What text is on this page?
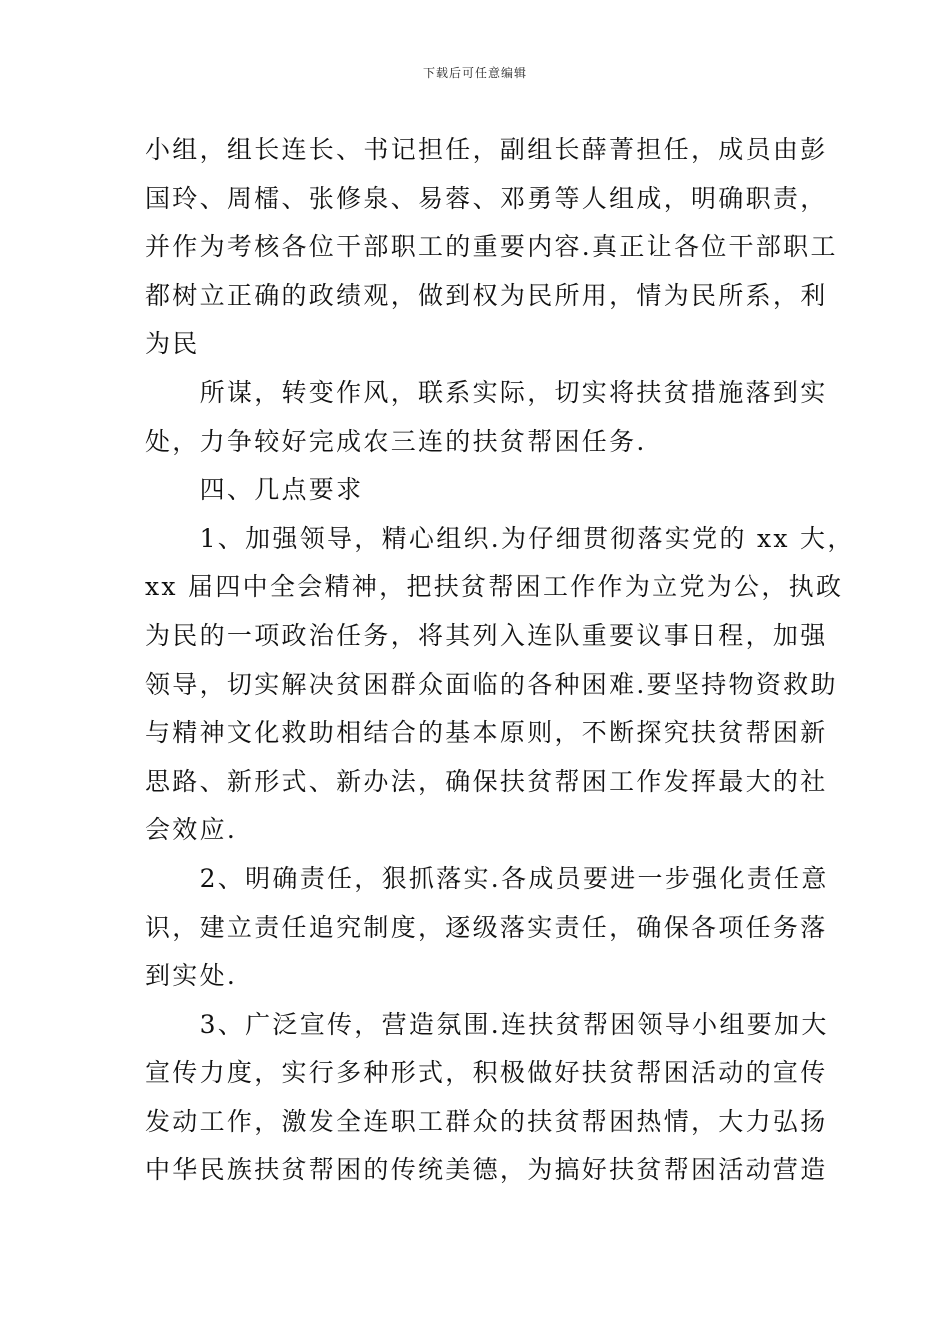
下载后可任意编辑

小组，组长连长、书记担任，副组长薛菁担任，成员由彭

国玲、周檑、张修泉、易蓉、邓勇等人组成，明确职责，

并作为考核各位干部职工的重要内容.真正让各位干部职工

都树立正确的政绩观，做到权为民所用，情为民所系，利

为民

　　所谋，转变作风，联系实际，切实将扶贫措施落到实

处，力争较好完成农三连的扶贫帮困任务.

　　四、几点要求

　　1、加强领导，精心组织.为仔细贯彻落实党的 xx 大，

xx 届四中全会精神，把扶贫帮困工作作为立党为公，执政

为民的一项政治任务，将其列入连队重要议事日程，加强

领导，切实解决贫困群众面临的各种困难.要坚持物资救助

与精神文化救助相结合的基本原则，不断探究扶贫帮困新

思路、新形式、新办法，确保扶贫帮困工作发挥最大的社

会效应.

　　2、明确责任，狠抓落实.各成员要进一步强化责任意

识，建立责任追究制度，逐级落实责任，确保各项任务落

到实处.

　　3、广泛宣传，营造氛围.连扶贫帮困领导小组要加大

宣传力度，实行多种形式，积极做好扶贫帮困活动的宣传

发动工作，激发全连职工群众的扶贫帮困热情，大力弘扬

中华民族扶贫帮困的传统美德，为搞好扶贫帮困活动营造
